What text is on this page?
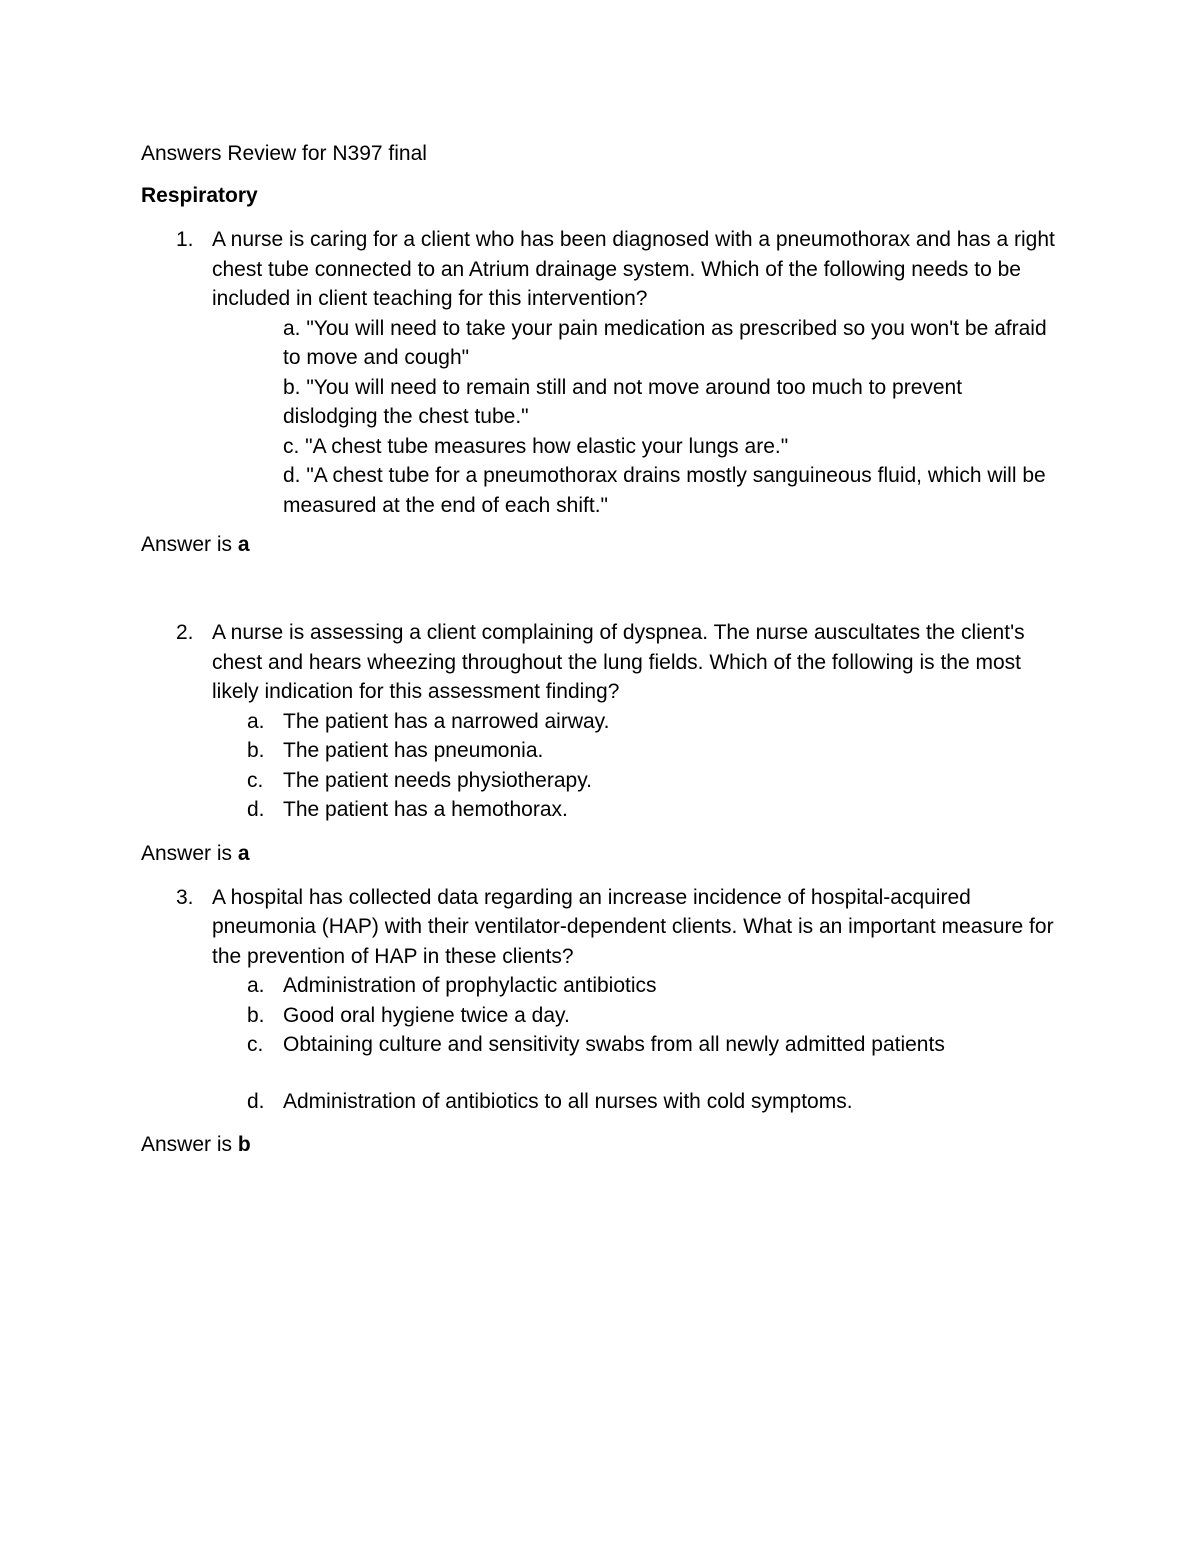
Answers Review for N397 final

Respiratory

1. A nurse is caring for a client who has been diagnosed with a pneumothorax and has a right chest tube connected to an Atrium drainage system. Which of the following needs to be included in client teaching for this intervention?
a. "You will need to take your pain medication as prescribed so you won't be afraid to move and cough"
b. "You will need to remain still and not move around too much to prevent dislodging the chest tube."
c. "A chest tube measures how elastic your lungs are."
d. "A chest tube for a pneumothorax drains mostly sanguineous fluid, which will be measured at the end of each shift."
Answer is a
2. A nurse is assessing a client complaining of dyspnea. The nurse auscultates the client's chest and hears wheezing throughout the lung fields. Which of the following is the most likely indication for this assessment finding?
a. The patient has a narrowed airway.
b. The patient has pneumonia.
c. The patient needs physiotherapy.
d. The patient has a hemothorax.
Answer is a
3. A hospital has collected data regarding an increase incidence of hospital-acquired pneumonia (HAP) with their ventilator-dependent clients. What is an important measure for the prevention of HAP in these clients?
a. Administration of prophylactic antibiotics
b. Good oral hygiene twice a day.
c. Obtaining culture and sensitivity swabs from all newly admitted patients
d. Administration of antibiotics to all nurses with cold symptoms.
Answer is b
